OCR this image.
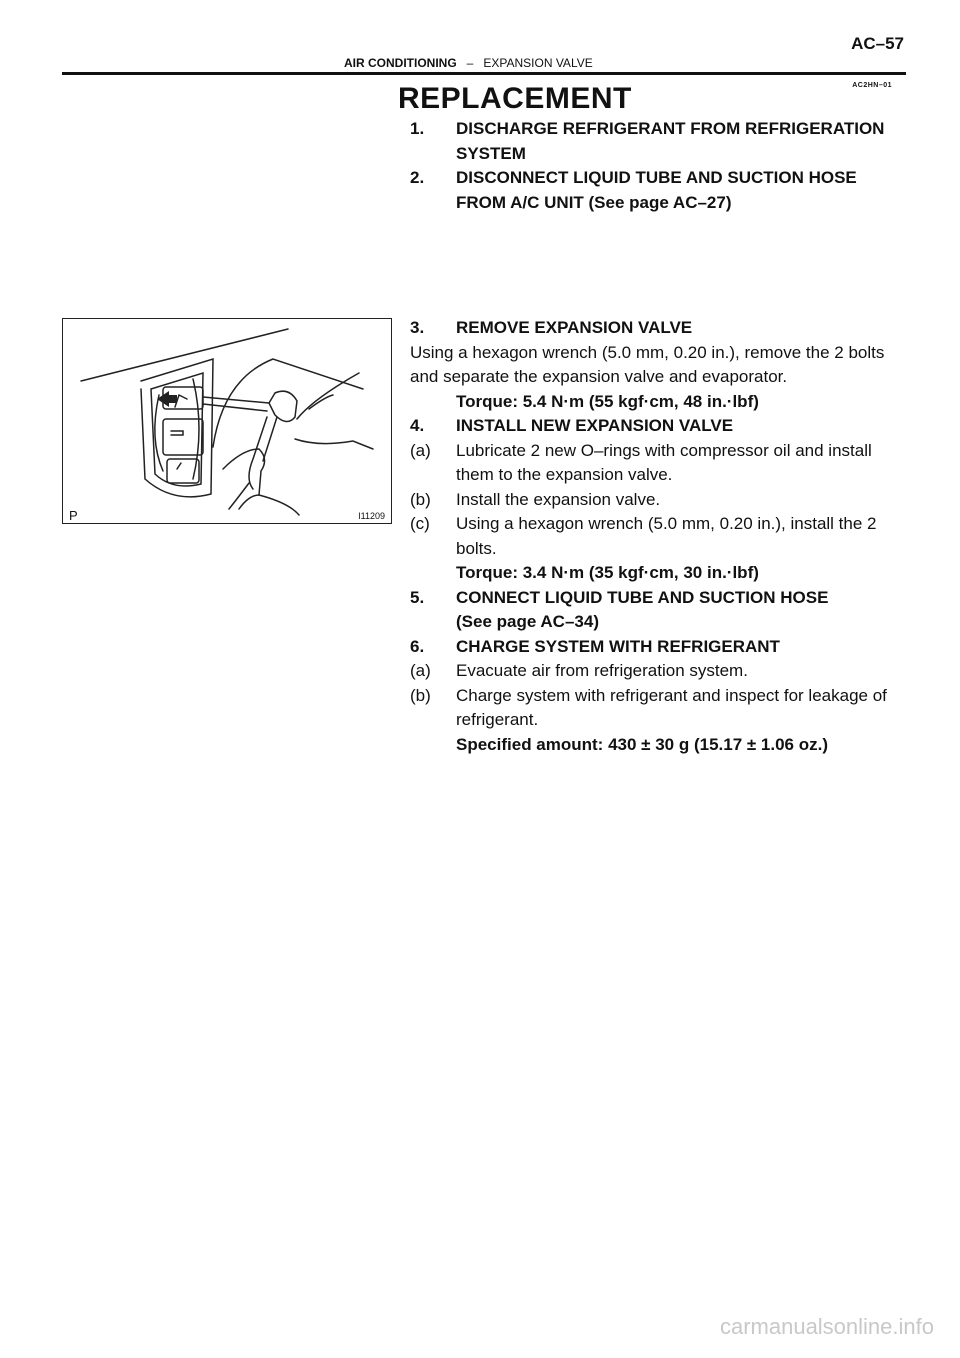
AC–57
AIR CONDITIONING – EXPANSION VALVE
AC2HN–01
REPLACEMENT
1.	DISCHARGE REFRIGERANT FROM REFRIGERATION SYSTEM
2.	DISCONNECT LIQUID TUBE AND SUCTION HOSE FROM A/C UNIT (See page AC–27)
P	I11209
3.	REMOVE EXPANSION VALVE
Using a hexagon wrench (5.0 mm, 0.20 in.), remove the 2 bolts and separate the expansion valve and evaporator.
Torque: 5.4 N·m (55 kgf·cm, 48 in.·lbf)
4.	INSTALL NEW EXPANSION VALVE
(a)	Lubricate 2 new O–rings with compressor oil and install them to the expansion valve.
(b)	Install the expansion valve.
(c)	Using a hexagon wrench (5.0 mm, 0.20 in.), install the 2 bolts.
Torque: 3.4 N·m (35 kgf·cm, 30 in.·lbf)
5.	CONNECT LIQUID TUBE AND SUCTION HOSE
(See page AC–34)
6.	CHARGE SYSTEM WITH REFRIGERANT
(a)	Evacuate air from refrigeration system.
(b)	Charge system with refrigerant and inspect for leakage of refrigerant.
Specified amount: 430 ± 30 g (15.17 ± 1.06 oz.)
carmanualsonline.info
